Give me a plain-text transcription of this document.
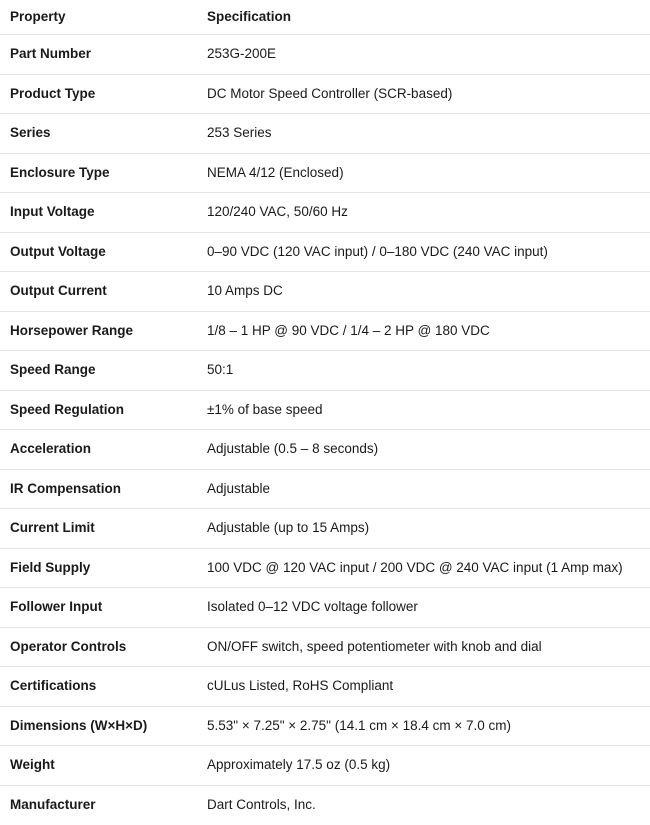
Property	Specification
Part Number	253G-200E
Product Type	DC Motor Speed Controller (SCR-based)
Series	253 Series
Enclosure Type	NEMA 4/12 (Enclosed)
Input Voltage	120/240 VAC, 50/60 Hz
Output Voltage	0–90 VDC (120 VAC input) / 0–180 VDC (240 VAC input)
Output Current	10 Amps DC
Horsepower Range	1/8 – 1 HP @ 90 VDC / 1/4 – 2 HP @ 180 VDC
Speed Range	50:1
Speed Regulation	±1% of base speed
Acceleration	Adjustable (0.5 – 8 seconds)
IR Compensation	Adjustable
Current Limit	Adjustable (up to 15 Amps)
Field Supply	100 VDC @ 120 VAC input / 200 VDC @ 240 VAC input (1 Amp max)
Follower Input	Isolated 0–12 VDC voltage follower
Operator Controls	ON/OFF switch, speed potentiometer with knob and dial
Certifications	cULus Listed, RoHS Compliant
Dimensions (W×H×D)	5.53" × 7.25" × 2.75" (14.1 cm × 18.4 cm × 7.0 cm)
Weight	Approximately 17.5 oz (0.5 kg)
Manufacturer	Dart Controls, Inc.
